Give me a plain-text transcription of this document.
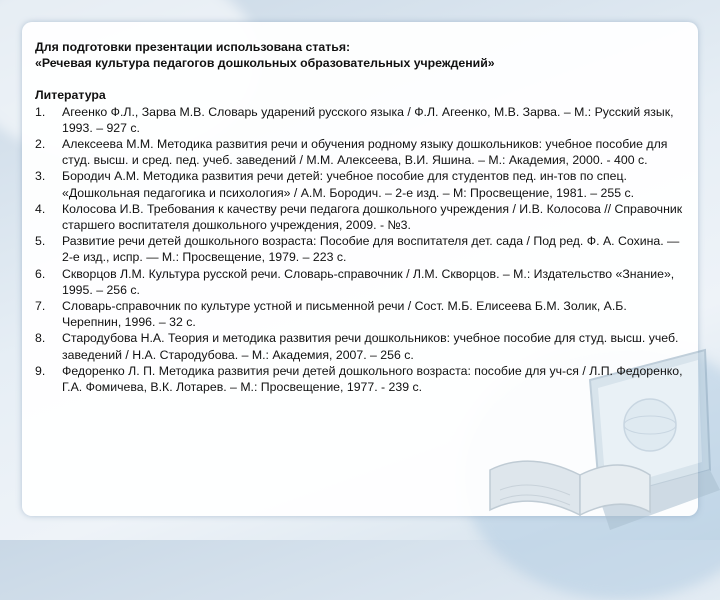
Для подготовки презентации использована статья:

«Речевая культура педагогов дошкольных образовательных учреждений»

Литература

1. Агеенко Ф.Л., Зарва М.В. Словарь ударений русского языка / Ф.Л. Агеенко, М.В. Зарва. – М.: Русский язык, 1993. – 927 с.
2. Алексеева М.М. Методика развития речи и обучения родному языку дошкольников: учебное пособие для студ. высш. и сред. пед. учеб. заведений / М.М. Алексеева, В.И. Яшина. – М.: Академия, 2000. - 400 с.
3. Бородич А.М. Методика развития речи детей: учебное пособие для студентов пед. ин-тов по спец. «Дошкольная педагогика и психология» / А.М. Бородич. – 2-е изд. – М: Просвещение, 1981. – 255 с.
4. Колосова И.В. Требования к качеству речи педагога дошкольного учреждения / И.В. Колосова // Справочник старшего воспитателя дошкольного учреждения, 2009. - №3.
5. Развитие речи детей дошкольного возраста: Пособие для воспитателя дет. сада / Под ред. Ф. А. Сохина. — 2-е изд., испр. — М.: Просвещение, 1979. – 223 с.
6. Скворцов Л.М. Культура русской речи. Словарь-справочник / Л.М. Скворцов. – М.: Издательство «Знание», 1995. – 256 с.
7. Словарь-справочник по культуре устной и письменной речи / Сост. М.Б. Елисеева Б.М. Золик, А.Б. Черепнин, 1996. – 32 с.
8. Стародубова Н.А. Теория и методика развития речи дошкольников: учебное пособие для студ. высш. учеб. заведений / Н.А. Стародубова. – М.: Академия, 2007. – 256 с.
9. Федоренко Л. П. Методика развития речи детей дошкольного возраста: пособие для уч-ся / Л.П. Федоренко, Г.А. Фомичева, В.К. Лотарев. – М.: Просвещение, 1977. - 239 с.
